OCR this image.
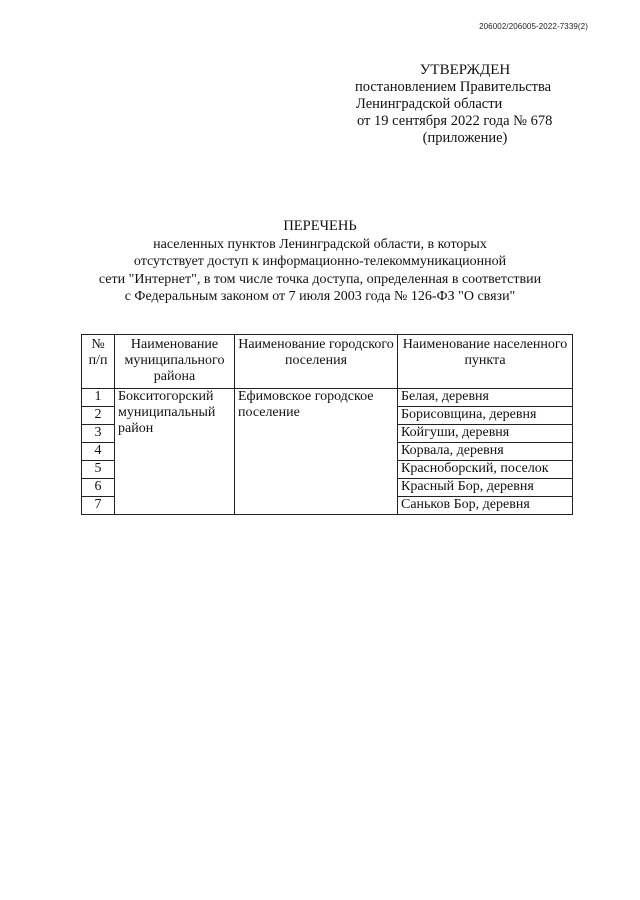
206002/206005-2022-7339(2)
УТВЕРЖДЕН
постановлением Правительства
Ленинградской области
от 19 сентября 2022 года № 678
(приложение)
ПЕРЕЧЕНЬ
населенных пунктов Ленинградской области, в которых
отсутствует доступ к информационно-телекоммуникационной
сети "Интернет", в том числе точка доступа, определенная в соответствии
с Федеральным законом от 7 июля 2003 года № 126-ФЗ "О связи"
№
п/п	Наименование муниципального района	Наименование городского поселения	Наименование населенного пункта
1	Бокситогорский муниципальный район	Ефимовское городское поселение	Белая, деревня
2			Борисовщина, деревня
3			Койгуши, деревня
4			Корвала, деревня
5			Красноборский, поселок
6			Красный Бор, деревня
7			Саньков Бор, деревня
